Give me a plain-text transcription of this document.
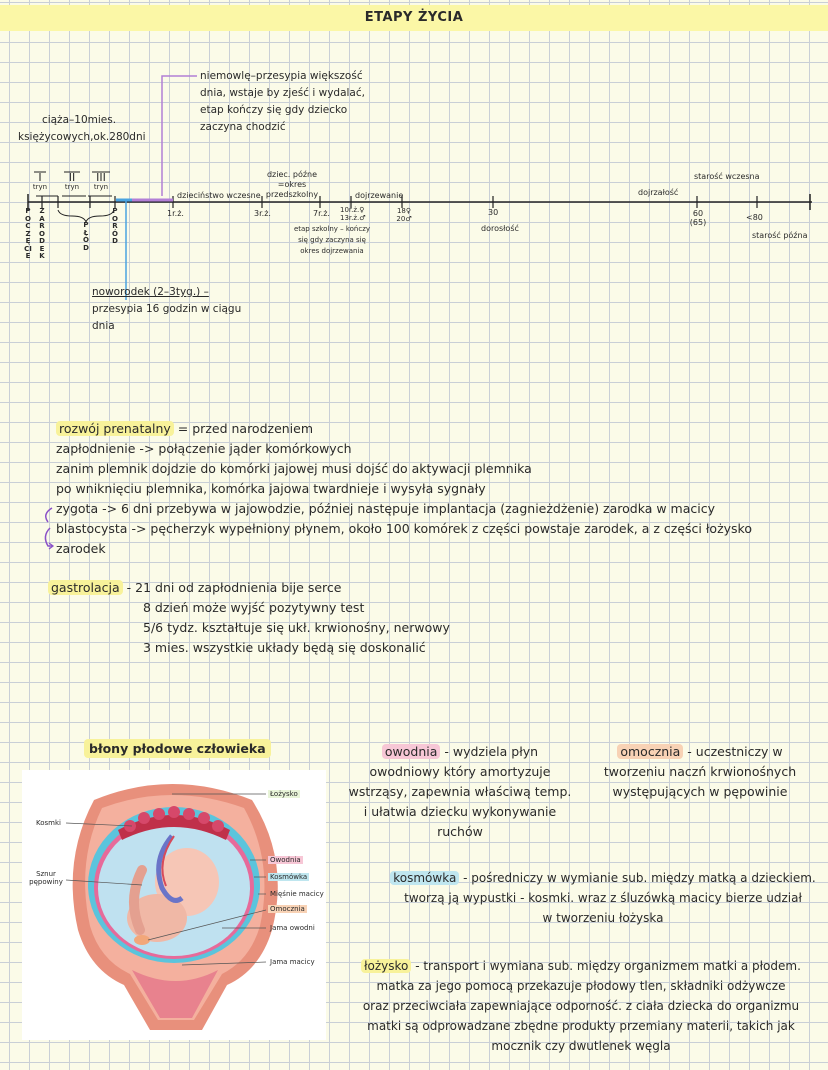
ETAPY ŻYCIA
ciąża–10mies.
księżycowych,ok.280dni
I
tryn
II
tryn
III
tryn
POCZĘCIE
ZARODEK
PŁÓD
PORÓD
niemowlę–przesypia większość
dnia, wstaje by zjeść i wydalać,
etap kończy się gdy dziecko
zaczyna chodzić
noworodek (2–3tyg.) –
przesypia 16 godzin w ciągu
dnia
dzieciństwo wczesne
dziec. późne
=okres
przedszkolny	dojrzewanie	dojrzałość
starość wczesna
starość późna
dorosłość
1r.ż.	3r.ż.	7r.ż. 10r.ż.♀
13r.ż.♂
18♀
20♂
30	60
(65)
<80
etap szkolny – kończy
się gdy zaczyna się
okres dojrzewania
rozwój prenatalny = przed narodzeniem
zapłodnienie -> połączenie jąder komórkowych
zanim plemnik dojdzie do komórki jajowej musi dojść do aktywacji plemnika
po wniknięciu plemnika, komórka jajowa twardnieje i wysyła sygnały
zygota -> 6 dni przebywa w jajowodzie, później następuje implantacja (zagnieżdżenie) zarodka w macicy
blastocysta -> pęcherzyk wypełniony płynem, około 100 komórek z części powstaje zarodek, a z części łożysko
zarodek
gastrolacja - 21 dni od zapłodnienia bije serce
8 dzień może wyjść pozytywny test
5/6 tydz. kształtuje się ukł. krwionośny, nerwowy
3 mies. wszystkie układy będą się doskonalić
błony płodowe człowieka	owodnia - wydziela płyn
owodniowy który amortyzuje
wstrząsy, zapewnia właściwą temp.
i ułatwia dziecku wykonywanie
ruchów
omocznia - uczestniczy w
tworzeniu naczń krwionośnych
występujących w pępowinie
kosmówka - pośredniczy w wymianie sub. między matką a dzieckiem.
tworzą ją wypustki - kosmki. wraz z śluzówką macicy bierze udział
w tworzeniu łożyska
łożysko - transport i wymiana sub. między organizmem matki a płodem.
matka za jego pomocą przekazuje płodowy tlen, składniki odżywcze
oraz przeciwciała zapewniające odporność. z ciała dziecka do organizmu
matki są odprowadzane zbędne produkty przemiany materii, takich jak
mocznik czy dwutlenek węgla
Łożysko
Kosmki
Sznur
pępowiny
Owodnia
Kosmówka
Mięśnie macicy
Omocznia
Jama owodni
Jama macicy
